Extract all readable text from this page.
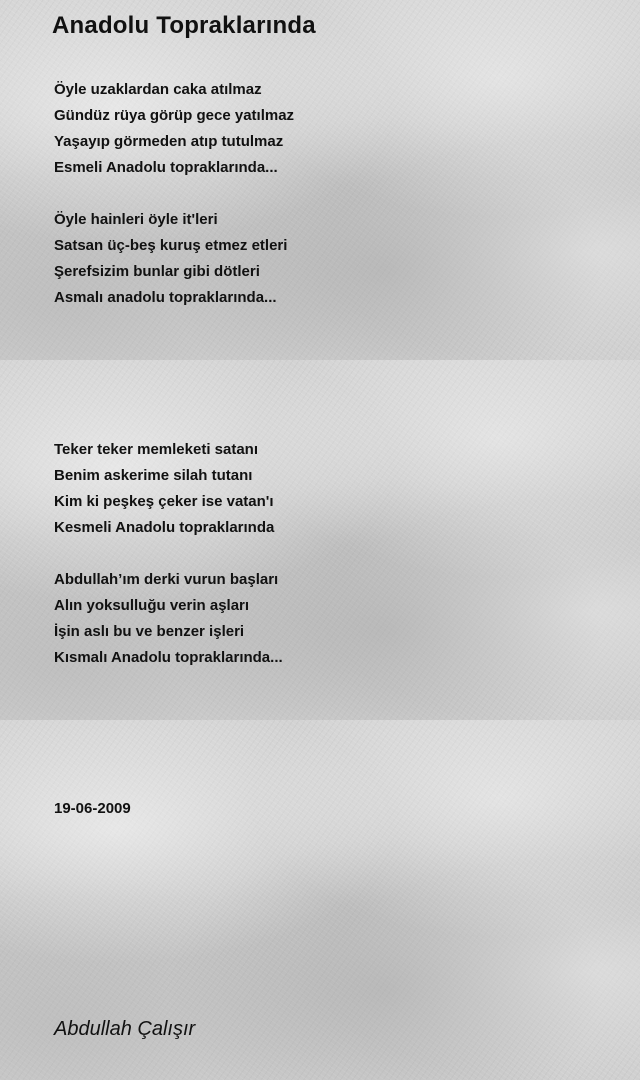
Anadolu Topraklarında
Öyle uzaklardan caka atılmaz
Gündüz rüya görüp gece yatılmaz
Yaşayıp görmeden atıp tutulmaz
Esmeli Anadolu topraklarında...
Öyle hainleri öyle it'leri
Satsan üç-beş kuruş etmez etleri
Şerefsizim bunlar gibi dötleri
Asmalı anadolu topraklarında...
Teker teker memleketi satanı
Benim askerime silah tutanı
Kim ki peşkeş çeker ise vatan'ı
Kesmeli Anadolu topraklarında
Abdullah’ım derki vurun başları
Alın yoksulluğu verin aşları
İşin aslı bu ve benzer işleri
Kısmalı Anadolu topraklarında...
19-06-2009
Abdullah Çalışır
